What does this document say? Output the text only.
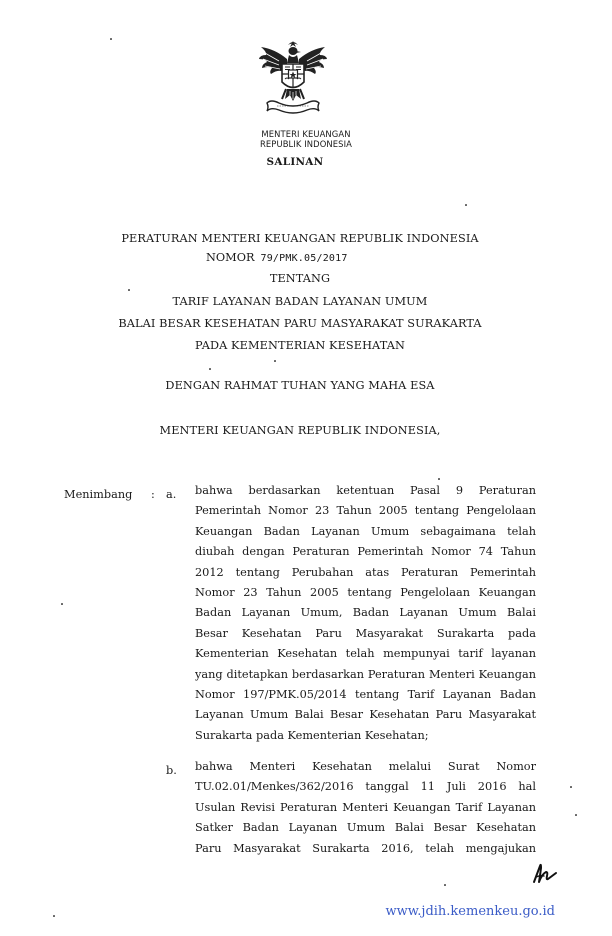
MENTERI KEUANGAN
REPUBLIK INDONESIA
SALINAN
PERATURAN MENTERI KEUANGAN REPUBLIK INDONESIA
NOMOR 79/PMK.05/2017
TENTANG
TARIF LAYANAN BADAN LAYANAN UMUM
BALAI BESAR KESEHATAN PARU MASYARAKAT SURAKARTA
PADA KEMENTERIAN KESEHATAN
DENGAN RAHMAT TUHAN YANG MAHA ESA
MENTERI KEUANGAN REPUBLIK INDONESIA,
Menimbang : a. bahwa berdasarkan ketentuan Pasal 9 Peraturan
Pemerintah Nomor 23 Tahun 2005 tentang Pengelolaan
Keuangan Badan Layanan Umum sebagaimana telah
diubah dengan Peraturan Pemerintah Nomor 74 Tahun
2012 tentang Perubahan atas Peraturan Pemerintah
Nomor 23 Tahun 2005 tentang Pengelolaan Keuangan
Badan Layanan Umum, Badan Layanan Umum Balai
Besar Kesehatan Paru Masyarakat Surakarta pada
Kementerian Kesehatan telah mempunyai tarif layanan
yang ditetapkan berdasarkan Peraturan Menteri Keuangan
Nomor 197/PMK.05/2014 tentang Tarif Layanan Badan
Layanan Umum Balai Besar Kesehatan Paru Masyarakat
Surakarta pada Kementerian Kesehatan;
b. bahwa Menteri Kesehatan melalui Surat Nomor
TU.02.01/Menkes/362/2016 tanggal 11 Juli 2016 hal
Usulan Revisi Peraturan Menteri Keuangan Tarif Layanan
Satker Badan Layanan Umum Balai Besar Kesehatan
Paru Masyarakat Surakarta 2016, telah mengajukan
www.jdih.kemenkeu.go.id
